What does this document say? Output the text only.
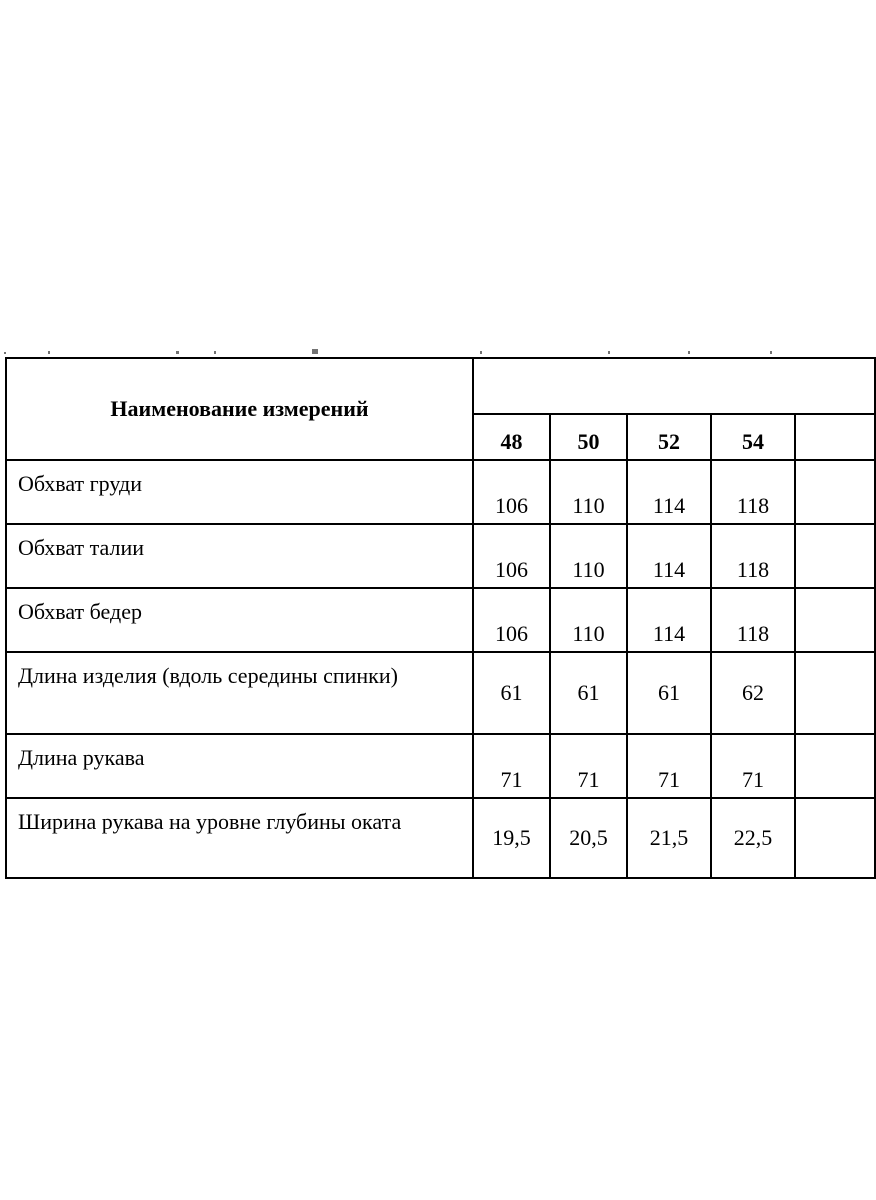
Наименование измерений					
	48	50	52	54	
Обхват груди	106	110	114	118	
Обхват талии	106	110	114	118	
Обхват бедер	106	110	114	118	
Длина изделия (вдоль середины спинки)	61	61	61	62	
Длина рукава	71	71	71	71	
Ширина рукава на уровне глубины оката	19,5	20,5	21,5	22,5	
